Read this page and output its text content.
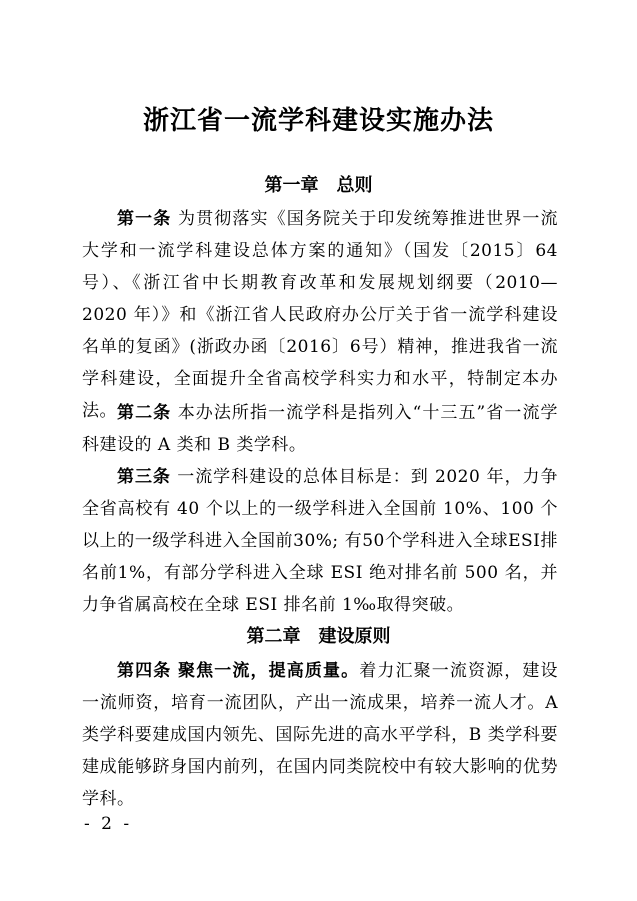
浙江省一流学科建设实施办法
第一章 总则

第一条 为贯彻落实《国务院关于印发统筹推进世界一流大学和一流学科建设总体方案的通知》（国发〔2015〕64 号）、《浙江省中长期教育改革和发展规划纲要（2010—2020 年）》和《浙江省人民政府办公厅关于省一流学科建设名单的复函》(浙政办函〔2016〕6号）精神，推进我省一流学科建设，全面提升全省高校学科实力和水平，特制定本办法。 第二条 本办法所指一流学科是指列入“十三五”省一流学科建设的 A 类和 B 类学科。

第三条 一流学科建设的总体目标是：到 2020 年，力争全省高校有 40 个以上的一级学科进入全国前 10%、100 个以上的一级学科进入全国前30%; 有50个学科进入全球ESI排名前1%，有部分学科进入全球 ESI 绝对排名前 500 名，并力争省属高校在全球 ESI 排名前 1‰取得突破。

第二章 建设原则

第四条 聚焦一流，提高质量。着力汇聚一流资源，建设一流师资，培育一流团队，产出一流成果，培养一流人才。A 类学科要建成国内领先、国际先进的高水平学科，B 类学科要建成能够跻身国内前列，在国内同类院校中有较大影响的优势学科。

- 2 -
